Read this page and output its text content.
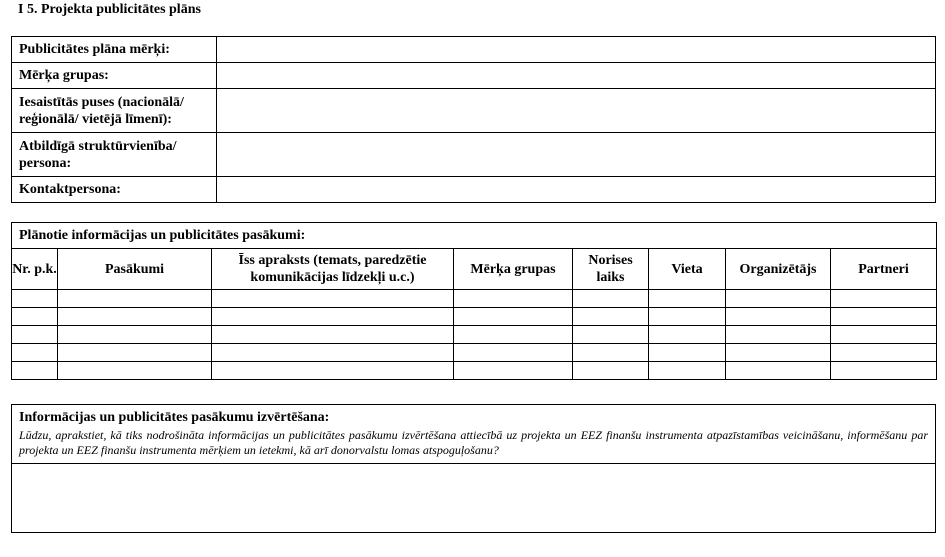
I 5. Projekta publicitātes plāns
Publicitātes plāna mērķi:	
Mērķa grupas:	
Iesaistītās puses (nacionālā/ reģionālā/ vietējā līmenī):	
Atbildīgā struktūrvienība/ persona:	
Kontaktpersona:	
Plānotie informācijas un publicitātes pasākumi:							
Nr. p.k.	Pasākumi	Īss apraksts (temats, paredzētie komunikācijas līdzekļi u.c.)	Mērķa grupas	Norises laiks	Vieta	Organizētājs	Partneri

Informācijas un publicitātes pasākumu izvērtēšana:
Lūdzu, aprakstiet, kā tiks nodrošināta informācijas un publicitātes pasākumu izvērtēšana attiecībā uz projekta un EEZ finanšu instrumenta atpazīstamības veicināšanu, informēšanu par projekta un EEZ finanšu instrumenta mērķiem un ietekmi, kā arī donorvalstu lomas atspoguļošanu?
